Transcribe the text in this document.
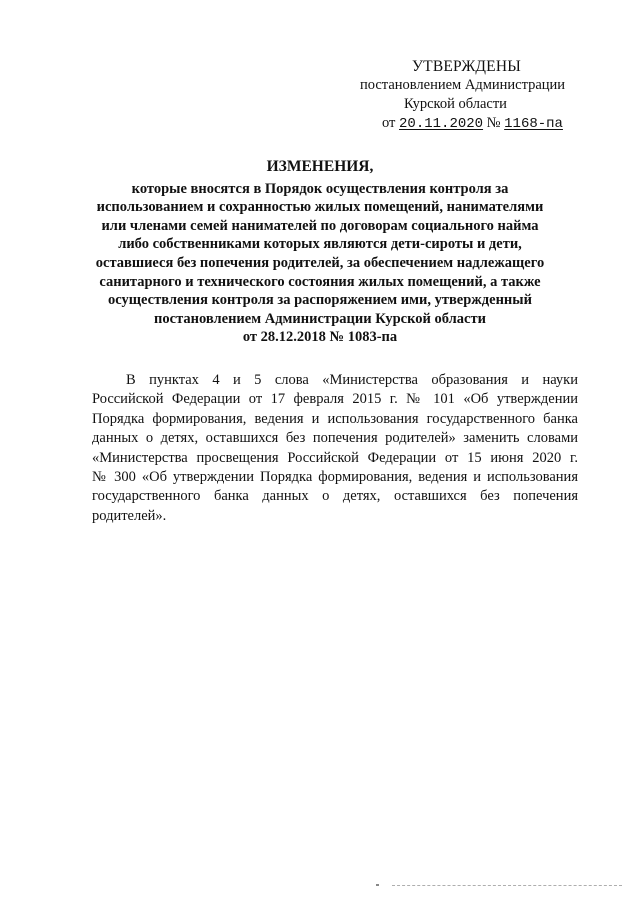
УТВЕРЖДЕНЫ
постановлением Администрации
Курской области
от 20.11.2020 № 1168-па
ИЗМЕНЕНИЯ,
которые вносятся в Порядок осуществления контроля за
использованием и сохранностью жилых помещений, нанимателями
или членами семей нанимателей по договорам социального найма
либо собственниками которых являются дети-сироты и дети,
оставшиеся без попечения родителей, за обеспечением надлежащего
санитарного и технического состояния жилых помещений, а также
осуществления контроля за распоряжением ими, утвержденный
постановлением Администрации Курской области
от 28.12.2018 № 1083-па
В пунктах 4 и 5 слова «Министерства образования и науки
Российской Федерации от 17 февраля 2015 г. № 101 «Об утверждении
Порядка формирования, ведения и использования государственного банка
данных о детях, оставшихся без попечения родителей» заменить словами
«Министерства просвещения Российской Федерации от 15 июня 2020 г.
№ 300 «Об утверждении Порядка формирования, ведения и использования
государственного банка данных о детях, оставшихся без попечения
родителей».
